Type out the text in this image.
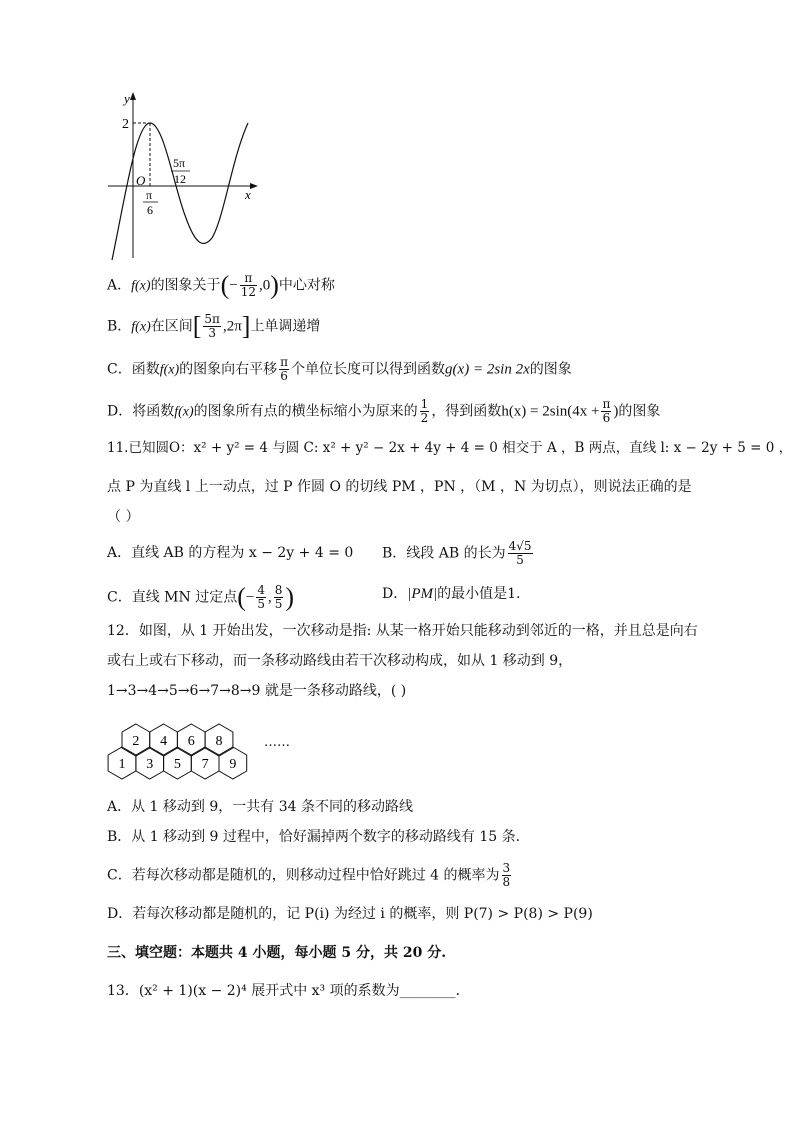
y
x
2
O
π
6
5π
12
A．f(x)的图象关于(− $\frac{\pi}{12} ,0$)中心对称
B．f(x)在区间[ $\frac{5\pi}{3} ,2\pi$]上单调递增
C．函数f(x)的图象向右平移 $\frac{\pi}{6}$ 个单位长度可以得到函数g(x) = 2sin 2x的图象
D．将函数f(x)的图象所有点的横坐标缩小为原来的 $\frac{1}{2}$ ，得到函数$h(x) = 2\sin(4x + \frac{\pi}{6}$ )的图象
11.已知圆O：x² + y² = 4 与圆 C: x² + y² − 2x + 4y + 4 = 0 相交于 A ，B 两点，直线 l: x − 2y + 5 = 0 ，
点 P 为直线 l 上一动点，过 P 作圆 O 的切线 PM ，PN ，（M ，N 为切点），则说法正确的是
（ ）
A．直线 AB 的方程为 x − 2y + 4 = 0 B．线段 AB 的长为 $\frac{4√5}{5}$
C．直线 MN 过定点(− $\frac{4}{5}$ , $\frac{8}{5}$ )	D．|PM|的最小值是1.
12．如图，从 1 开始出发，一次移动是指: 从某一格开始只能移动到邻近的一格，并且总是向右
或右上或右下移动，而一条移动路线由若干次移动构成，如从 1 移动到 9，
1→3→4→5→6→7→8→9 就是一条移动路线，( )
1 3 5 7 9
2 4 6 8	……
A．从 1 移动到 9，一共有 34 条不同的移动路线
B．从 1 移动到 9 过程中，恰好漏掉两个数字的移动路线有 15 条.
C．若每次移动都是随机的，则移动过程中恰好跳过 4 的概率为 $\frac{3}{8}$
D．若每次移动都是随机的，记 P(i) 为经过 i 的概率，则 P(7) > P(8) > P(9)
三、填空题：本题共 4 小题，每小题 5 分，共 20 分.
13．(x² + 1)(x − 2)⁴ 展开式中 x³ 项的系数为________．
